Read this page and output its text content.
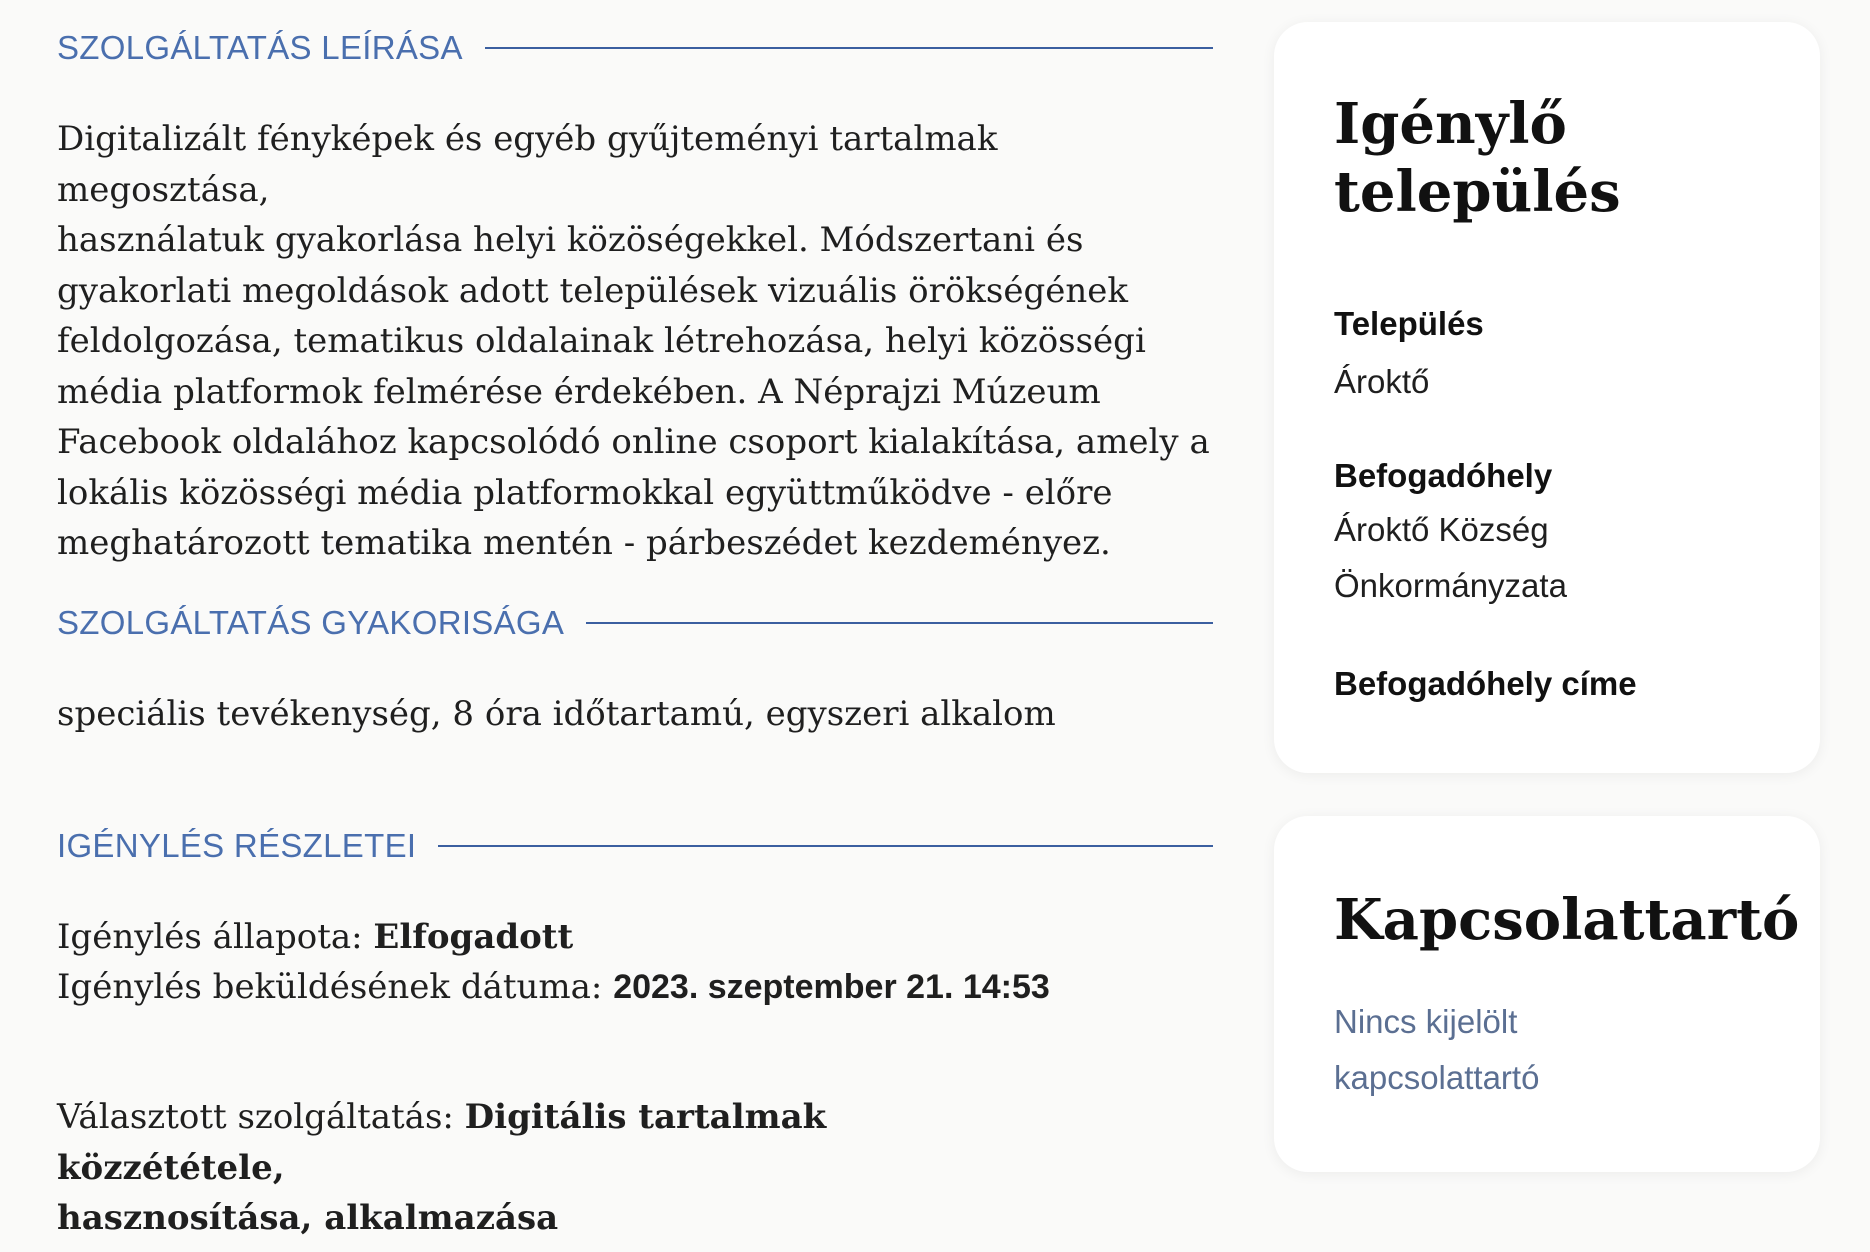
SZOLGÁLTATÁS LEÍRÁSA
Digitalizált fényképek és egyéb gyűjteményi tartalmak megosztása,
használatuk gyakorlása helyi közöségekkel. Módszertani és
gyakorlati megoldások adott települések vizuális örökségének
feldolgozása, tematikus oldalainak létrehozása, helyi közösségi
média platformok felmérése érdekében. A Néprajzi Múzeum
Facebook oldalához kapcsolódó online csoport kialakítása, amely a
lokális közösségi média platformokkal együttműködve - előre
meghatározott tematika mentén - párbeszédet kezdeményez.
SZOLGÁLTATÁS GYAKORISÁGA
speciális tevékenység, 8 óra időtartamú, egyszeri alkalom
IGÉNYLÉS RÉSZLETEI
Igénylés állapota: Elfogadott
Igénylés beküldésének dátuma: 2023. szeptember 21. 14:53
Választott szolgáltatás: Digitális tartalmak közzététele,
hasznosítása, alkalmazása
Igénylő
település
Település
Ároktő
Befogadóhely
Ároktő Község
Önkormányzata
Befogadóhely címe
Kapcsolattartó
Nincs kijelölt
kapcsolattartó
